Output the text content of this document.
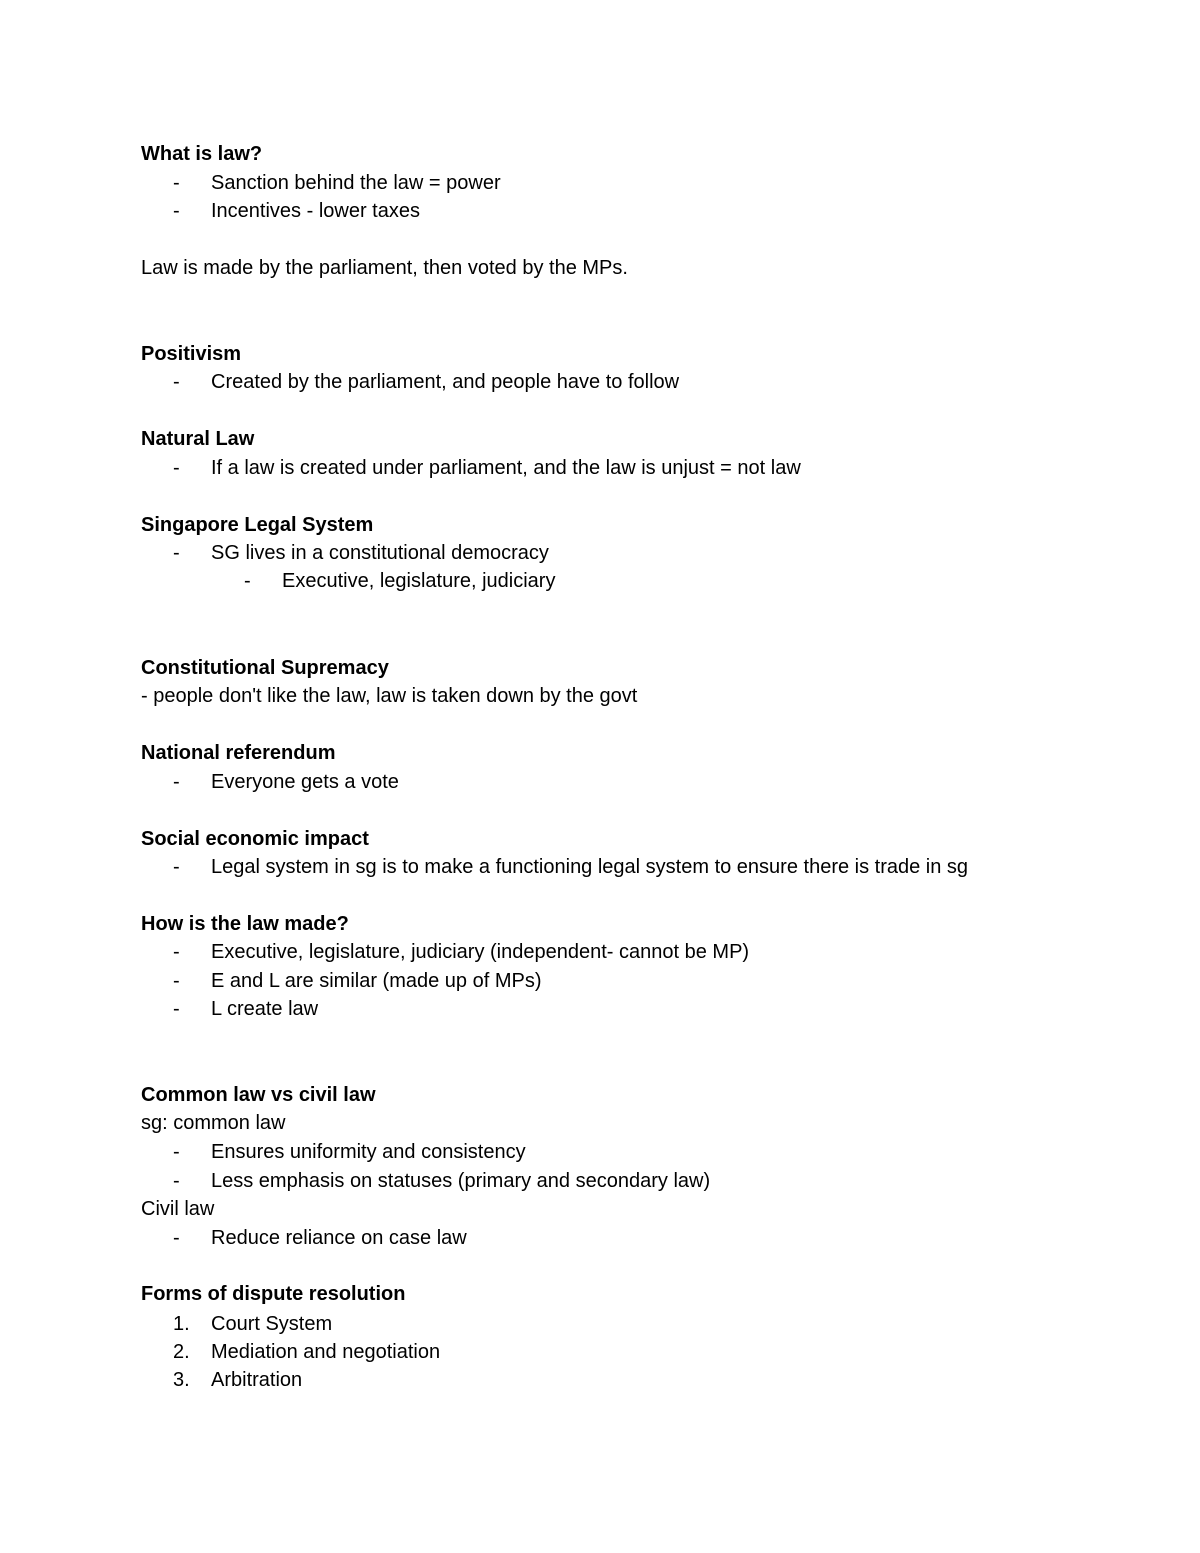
What is law?
- Sanction behind the law = power
- Incentives - lower taxes
Law is made by the parliament, then voted by the MPs.
Positivism
- Created by the parliament, and people have to follow
Natural Law
- If a law is created under parliament, and the law is unjust = not law
Singapore Legal System
- SG lives in a constitutional democracy
- Executive, legislature, judiciary
Constitutional Supremacy
- people don't like the law, law is taken down by the govt
National referendum
- Everyone gets a vote
Social economic impact
- Legal system in sg is to make a functioning legal system to ensure there is trade in sg
How is the law made?
- Executive, legislature, judiciary (independent- cannot be MP)
- E and L are similar (made up of MPs)
- L create law
Common law vs civil law
sg: common law
- Ensures uniformity and consistency
- Less emphasis on statuses (primary and secondary law)
Civil law
- Reduce reliance on case law
Forms of dispute resolution
1. Court System
2. Mediation and negotiation
3. Arbitration
